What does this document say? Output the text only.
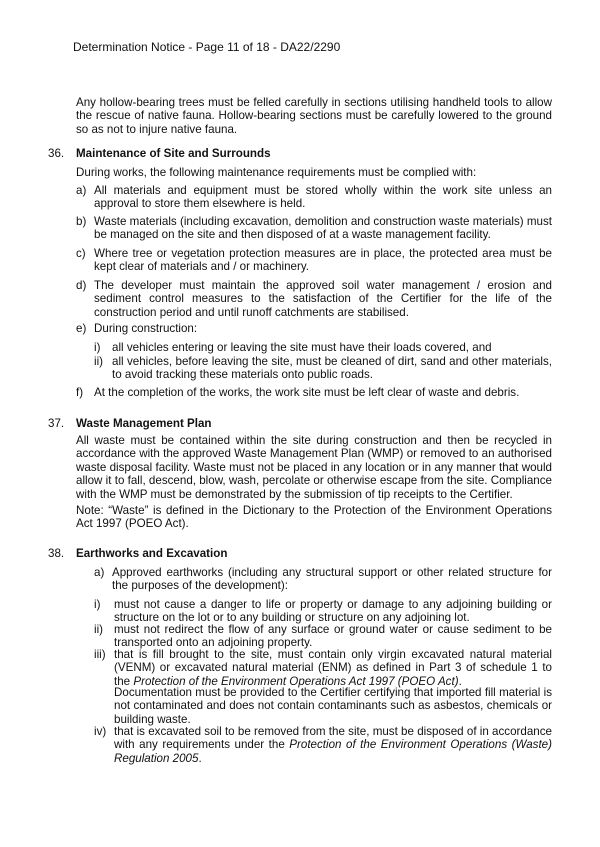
Determination Notice - Page 11 of 18 - DA22/2290

Any hollow-bearing trees must be felled carefully in sections utilising handheld tools to allow the rescue of native fauna. Hollow-bearing sections must be carefully lowered to the ground so as not to injure native fauna.

36. Maintenance of Site and Surrounds

During works, the following maintenance requirements must be complied with:

a) All materials and equipment must be stored wholly within the work site unless an approval to store them elsewhere is held.
b) Waste materials (including excavation, demolition and construction waste materials) must be managed on the site and then disposed of at a waste management facility.
c) Where tree or vegetation protection measures are in place, the protected area must be kept clear of materials and / or machinery.
d) The developer must maintain the approved soil water management / erosion and sediment control measures to the satisfaction of the Certifier for the life of the construction period and until runoff catchments are stabilised.
e) During construction:
i) all vehicles entering or leaving the site must have their loads covered, and
ii) all vehicles, before leaving the site, must be cleaned of dirt, sand and other materials, to avoid tracking these materials onto public roads.
f) At the completion of the works, the work site must be left clear of waste and debris.
37. Waste Management Plan

All waste must be contained within the site during construction and then be recycled in accordance with the approved Waste Management Plan (WMP) or removed to an authorised waste disposal facility. Waste must not be placed in any location or in any manner that would allow it to fall, descend, blow, wash, percolate or otherwise escape from the site. Compliance with the WMP must be demonstrated by the submission of tip receipts to the Certifier.

Note: “Waste” is defined in the Dictionary to the Protection of the Environment Operations Act 1997 (POEO Act).

38. Earthworks and Excavation
a) Approved earthworks (including any structural support or other related structure for the purposes of the development):
i) must not cause a danger to life or property or damage to any adjoining building or structure on the lot or to any building or structure on any adjoining lot.
ii) must not redirect the flow of any surface or ground water or cause sediment to be transported onto an adjoining property.
iii) that is fill brought to the site, must contain only virgin excavated natural material (VENM) or excavated natural material (ENM) as defined in Part 3 of schedule 1 to the Protection of the Environment Operations Act 1997 (POEO Act).

Documentation must be provided to the Certifier certifying that imported fill material is not contaminated and does not contain contaminants such as asbestos, chemicals or building waste.

iv) that is excavated soil to be removed from the site, must be disposed of in accordance with any requirements under the Protection of the Environment Operations (Waste) Regulation 2005.
